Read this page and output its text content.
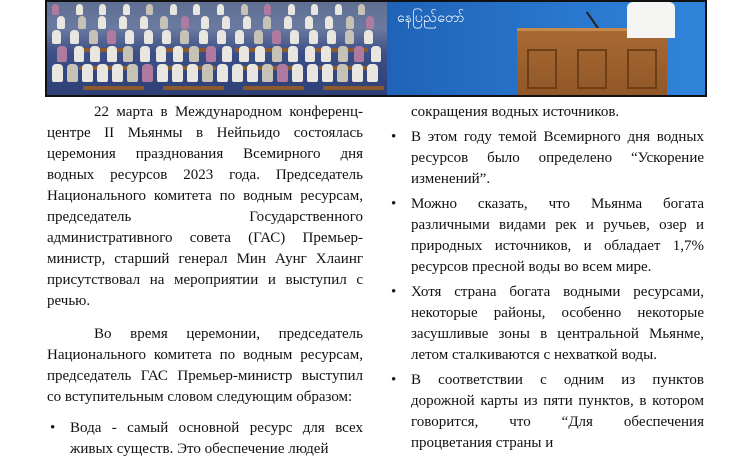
နေပြည်တော်

22 марта в Международном конференц-центре II Мьянмы в Нейпьидо состоялась церемония празднования Всемирного дня водных ресурсов 2023 года. Председатель Национального комитета по водным ресурсам, председатель Государственного административного совета (ГАС) Премьер-министр, старший генерал Мин Аунг Хлаинг присутствовал на мероприятии и выступил с речью.

Во время церемонии, председатель Национального комитета по водным ресурсам, председатель ГАС Премьер-министр выступил со вступительным словом следующим образом:

• Вода - самый основной ресурс для всех живых существ. Это обеспечение людей

сокращения водных источников.

• В этом году темой Всемирного дня водных ресурсов было определено “Ускорение изменений”.
• Можно сказать, что Мьянма богата различными видами рек и ручьев, озер и природных источников, и обладает 1,7% ресурсов пресной воды во всем мире.
• Хотя страна богата водными ресурсами, некоторые районы, особенно некоторые засушливые зоны в центральной Мьянме, летом сталкиваются с нехваткой воды.
• В соответствии с одним из пунктов дорожной карты из пяти пунктов, в котором говорится, что “Для обеспечения процветания страны и
